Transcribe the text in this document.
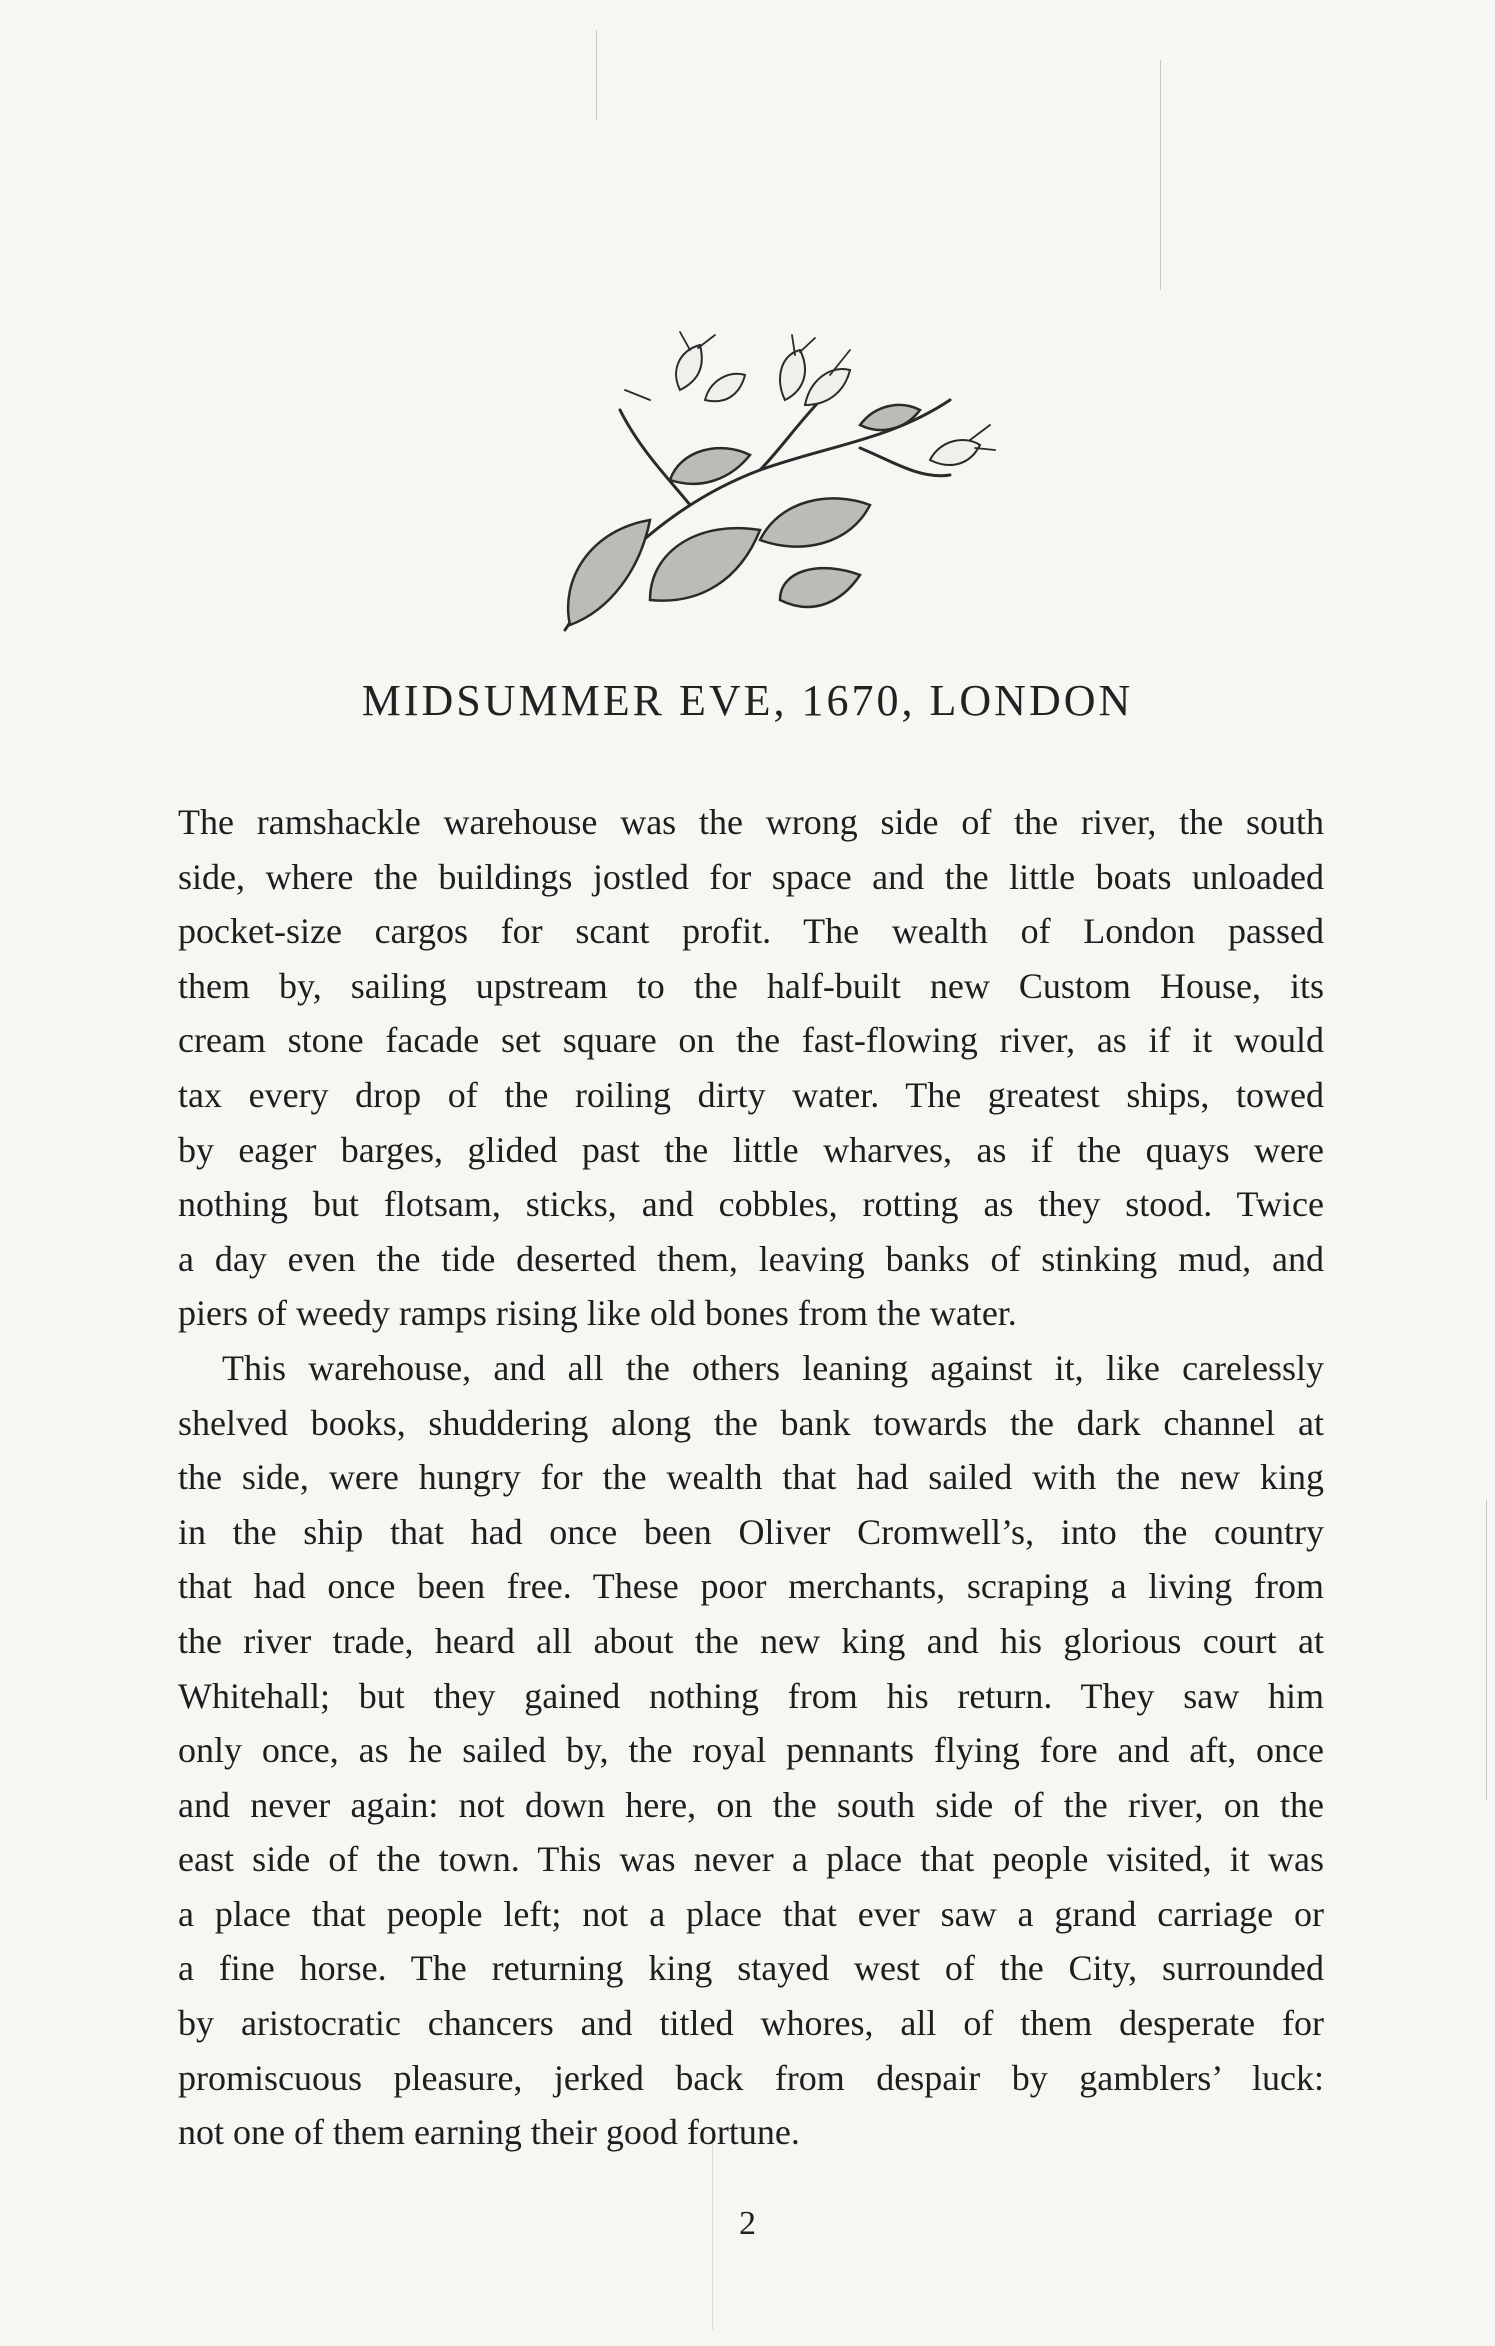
MIDSUMMER EVE, 1670, LONDON

The ramshackle warehouse was the wrong side of the river, the south
side, where the buildings jostled for space and the little boats unloaded
pocket-size cargos for scant profit. The wealth of London passed
them by, sailing upstream to the half-built new Custom House, its
cream stone facade set square on the fast-flowing river, as if it would
tax every drop of the roiling dirty water. The greatest ships, towed
by eager barges, glided past the little wharves, as if the quays were
nothing but flotsam, sticks, and cobbles, rotting as they stood. Twice
a day even the tide deserted them, leaving banks of stinking mud, and
piers of weedy ramps rising like old bones from the water.

This warehouse, and all the others leaning against it, like carelessly
shelved books, shuddering along the bank towards the dark channel at
the side, were hungry for the wealth that had sailed with the new king
in the ship that had once been Oliver Cromwell’s, into the country
that had once been free. These poor merchants, scraping a living from
the river trade, heard all about the new king and his glorious court at
Whitehall; but they gained nothing from his return. They saw him
only once, as he sailed by, the royal pennants flying fore and aft, once
and never again: not down here, on the south side of the river, on the
east side of the town. This was never a place that people visited, it was
a place that people left; not a place that ever saw a grand carriage or
a fine horse. The returning king stayed west of the City, surrounded
by aristocratic chancers and titled whores, all of them desperate for
promiscuous pleasure, jerked back from despair by gamblers’ luck:
not one of them earning their good fortune.

2
